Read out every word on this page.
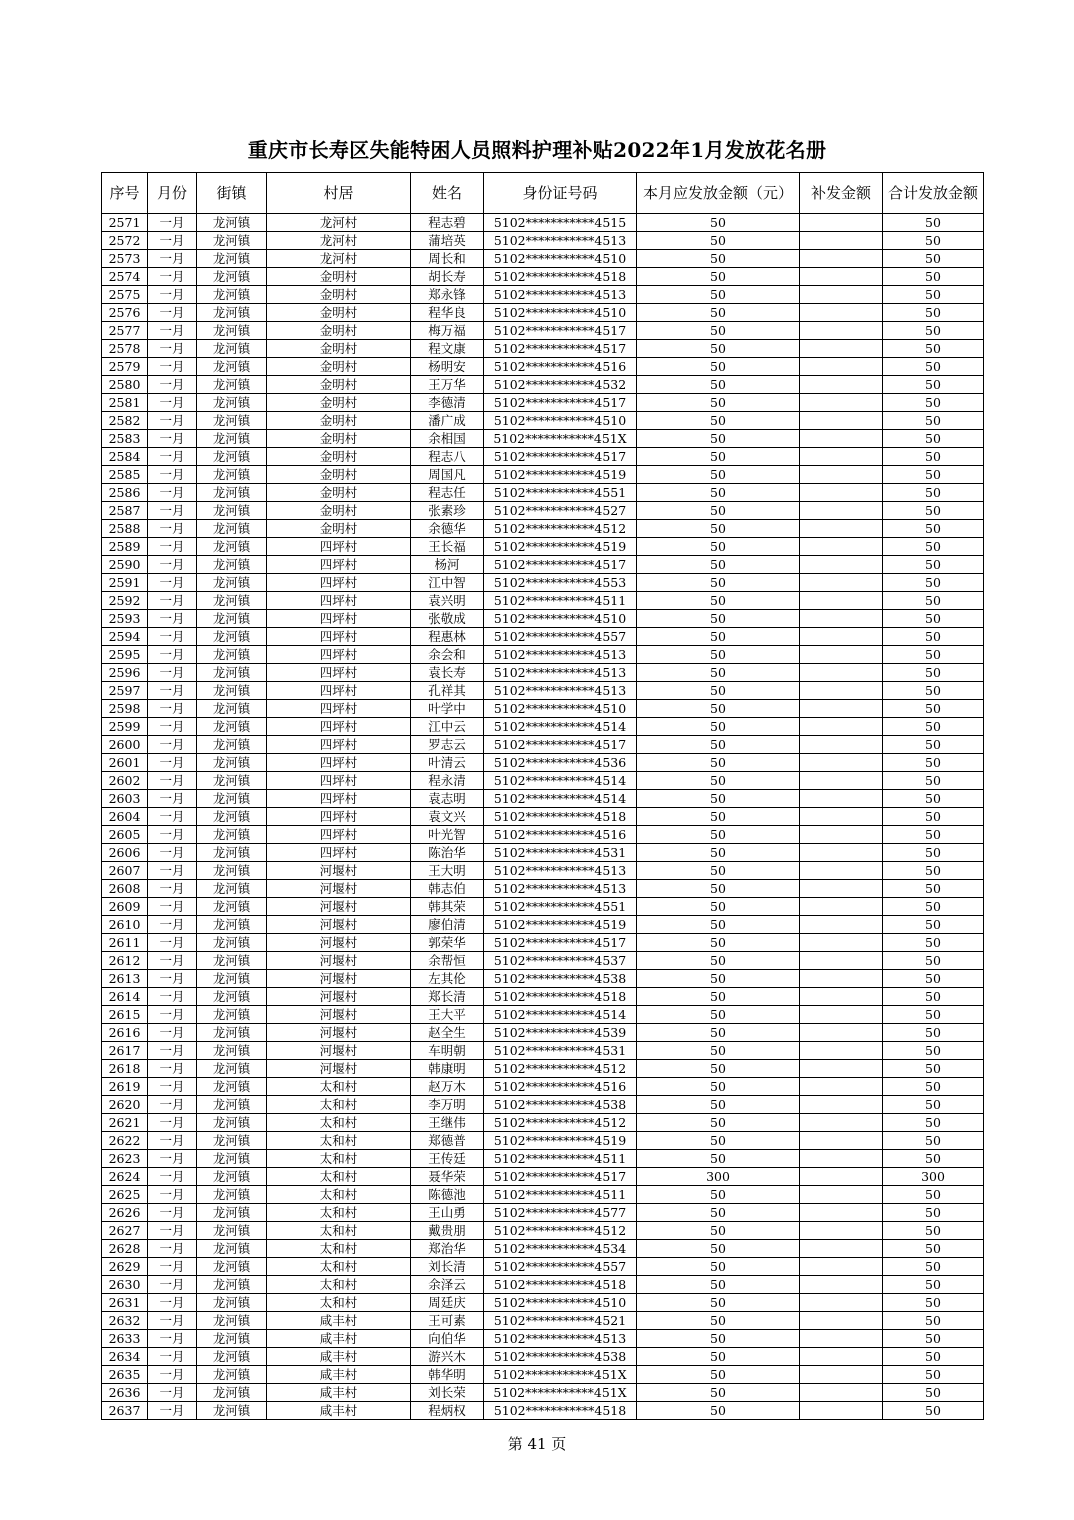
重庆市长寿区失能特困人员照料护理补贴2022年1月发放花名册
序号	月份	街镇	村居	姓名	身份证号码	本月应发放金额（元）	补发金额	合计发放金额
2571	一月	龙河镇	龙河村	程志碧	5102***********4515	50		50
2572	一月	龙河镇	龙河村	蒲培英	5102***********4513	50		50
2573	一月	龙河镇	龙河村	周长和	5102***********4510	50		50
2574	一月	龙河镇	金明村	胡长寿	5102***********4518	50		50
2575	一月	龙河镇	金明村	郑永锋	5102***********4513	50		50
2576	一月	龙河镇	金明村	程华良	5102***********4510	50		50
2577	一月	龙河镇	金明村	梅万福	5102***********4517	50		50
2578	一月	龙河镇	金明村	程文康	5102***********4517	50		50
2579	一月	龙河镇	金明村	杨明安	5102***********4516	50		50
2580	一月	龙河镇	金明村	王万华	5102***********4532	50		50
2581	一月	龙河镇	金明村	李德清	5102***********4517	50		50
2582	一月	龙河镇	金明村	潘广成	5102***********4510	50		50
2583	一月	龙河镇	金明村	余相国	5102***********451X	50		50
2584	一月	龙河镇	金明村	程志八	5102***********4517	50		50
2585	一月	龙河镇	金明村	周国凡	5102***********4519	50		50
2586	一月	龙河镇	金明村	程志任	5102***********4551	50		50
2587	一月	龙河镇	金明村	张素珍	5102***********4527	50		50
2588	一月	龙河镇	金明村	余德华	5102***********4512	50		50
2589	一月	龙河镇	四坪村	王长福	5102***********4519	50		50
2590	一月	龙河镇	四坪村	杨河	5102***********4517	50		50
2591	一月	龙河镇	四坪村	江中智	5102***********4553	50		50
2592	一月	龙河镇	四坪村	袁兴明	5102***********4511	50		50
2593	一月	龙河镇	四坪村	张敬成	5102***********4510	50		50
2594	一月	龙河镇	四坪村	程惠林	5102***********4557	50		50
2595	一月	龙河镇	四坪村	余会和	5102***********4513	50		50
2596	一月	龙河镇	四坪村	袁长寿	5102***********4513	50		50
2597	一月	龙河镇	四坪村	孔祥其	5102***********4513	50		50
2598	一月	龙河镇	四坪村	叶学中	5102***********4510	50		50
2599	一月	龙河镇	四坪村	江中云	5102***********4514	50		50
2600	一月	龙河镇	四坪村	罗志云	5102***********4517	50		50
2601	一月	龙河镇	四坪村	叶清云	5102***********4536	50		50
2602	一月	龙河镇	四坪村	程永清	5102***********4514	50		50
2603	一月	龙河镇	四坪村	袁志明	5102***********4514	50		50
2604	一月	龙河镇	四坪村	袁文兴	5102***********4518	50		50
2605	一月	龙河镇	四坪村	叶光智	5102***********4516	50		50
2606	一月	龙河镇	四坪村	陈治华	5102***********4531	50		50
2607	一月	龙河镇	河堰村	王大明	5102***********4513	50		50
2608	一月	龙河镇	河堰村	韩志伯	5102***********4513	50		50
2609	一月	龙河镇	河堰村	韩其荣	5102***********4551	50		50
2610	一月	龙河镇	河堰村	廖伯清	5102***********4519	50		50
2611	一月	龙河镇	河堰村	郭荣华	5102***********4517	50		50
2612	一月	龙河镇	河堰村	余帮恒	5102***********4537	50		50
2613	一月	龙河镇	河堰村	左其伦	5102***********4538	50		50
2614	一月	龙河镇	河堰村	郑长清	5102***********4518	50		50
2615	一月	龙河镇	河堰村	王大平	5102***********4514	50		50
2616	一月	龙河镇	河堰村	赵全生	5102***********4539	50		50
2617	一月	龙河镇	河堰村	车明朝	5102***********4531	50		50
2618	一月	龙河镇	河堰村	韩康明	5102***********4512	50		50
2619	一月	龙河镇	太和村	赵万木	5102***********4516	50		50
2620	一月	龙河镇	太和村	李万明	5102***********4538	50		50
2621	一月	龙河镇	太和村	王继伟	5102***********4512	50		50
2622	一月	龙河镇	太和村	郑德普	5102***********4519	50		50
2623	一月	龙河镇	太和村	王传廷	5102***********4511	50		50
2624	一月	龙河镇	太和村	聂华荣	5102***********4517	300		300
2625	一月	龙河镇	太和村	陈德池	5102***********4511	50		50
2626	一月	龙河镇	太和村	王山勇	5102***********4577	50		50
2627	一月	龙河镇	太和村	戴贵朋	5102***********4512	50		50
2628	一月	龙河镇	太和村	郑治华	5102***********4534	50		50
2629	一月	龙河镇	太和村	刘长清	5102***********4557	50		50
2630	一月	龙河镇	太和村	余泽云	5102***********4518	50		50
2631	一月	龙河镇	太和村	周廷庆	5102***********4510	50		50
2632	一月	龙河镇	咸丰村	王可素	5102***********4521	50		50
2633	一月	龙河镇	咸丰村	向伯华	5102***********4513	50		50
2634	一月	龙河镇	咸丰村	游兴木	5102***********4538	50		50
2635	一月	龙河镇	咸丰村	韩华明	5102***********451X	50		50
2636	一月	龙河镇	咸丰村	刘长荣	5102***********451X	50		50
2637	一月	龙河镇	咸丰村	程炳权	5102***********4518	50		50
第 41 页
